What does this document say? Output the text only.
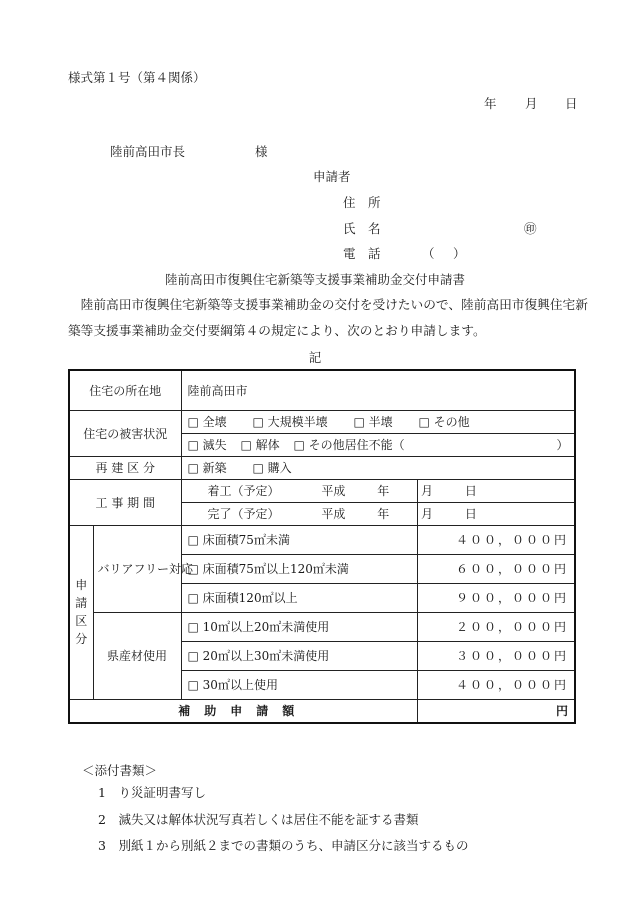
様式第１号（第４関係）
年 月 日
陸前高田市長	様
申請者
住　所
氏　名	㊞
電　話	（ ）
陸前高田市復興住宅新築等支援事業補助金交付申請書
　陸前高田市復興住宅新築等支援事業補助金の交付を受けたいので、陸前高田市復興住宅新築等支援事業補助金交付要綱第４の規定により、次のとおり申請します。
記
住宅の所在地		陸前高田市	
住宅の被害状況		□ 全壊 □ 大規模半壊 □ 半壊 □ その他	
		□ 滅失 □ 解体 □ その他居住不能（ ）	
再 建 区 分		□ 新築 □ 購入	
工 事 期 間		着工（予定） 平成 年 月 日	
		完了（予定） 平成 年 月 日	
申請区分	バリアフリー対応	□ 床面積75㎡未満	４００，０００円
		□ 床面積75㎡以上120㎡未満	６００，０００円
		□ 床面積120㎡以上	９００，０００円
	県産材使用	□ 10㎡以上20㎡未満使用	２００，０００円
		□ 20㎡以上30㎡未満使用	３００，０００円
		□ 30㎡以上使用	４００，０００円
補助申請額			円
＜添付書類＞
1　り災証明書写し
2　滅失又は解体状況写真若しくは居住不能を証する書類
3　別紙１から別紙２までの書類のうち、申請区分に該当するもの
